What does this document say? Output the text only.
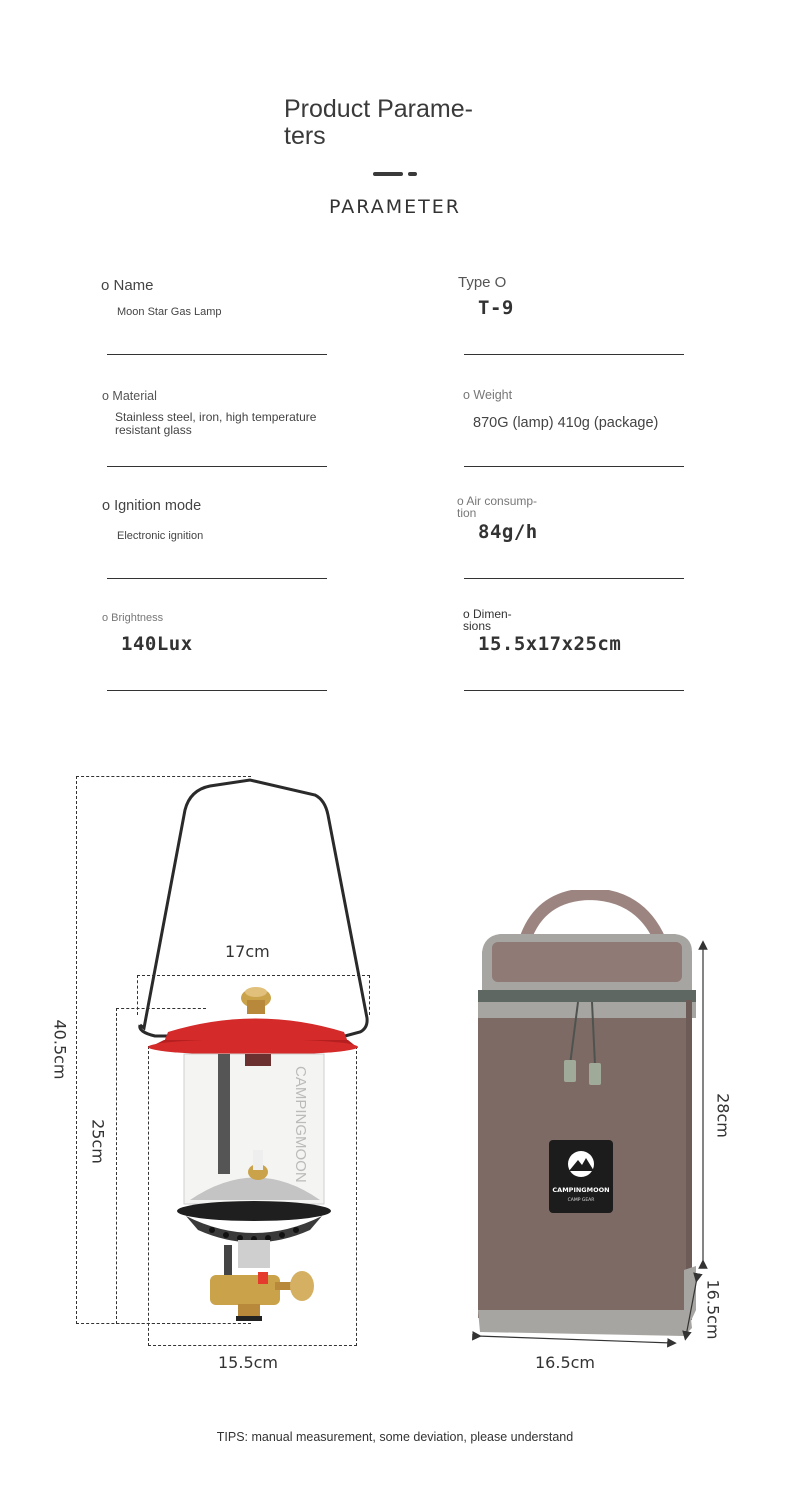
Product Parame- ters
PARAMETER
o Name
Moon Star Gas Lamp
Type O
T-9
o Material
Stainless steel, iron, high temperature resistant glass
o Weight
870G (lamp) 410g (package)
o Ignition mode
Electronic ignition
o Air consump- tion
84g/h
o Brightness
140Lux
o Dimen- sions
15.5x17x25cm
40.5cm
25cm
17cm
15.5cm
CAMPINGMOON
CAMPINGMOON
CAMP GEAR
28cm
16.5cm
16.5cm
TIPS: manual measurement, some deviation, please understand
